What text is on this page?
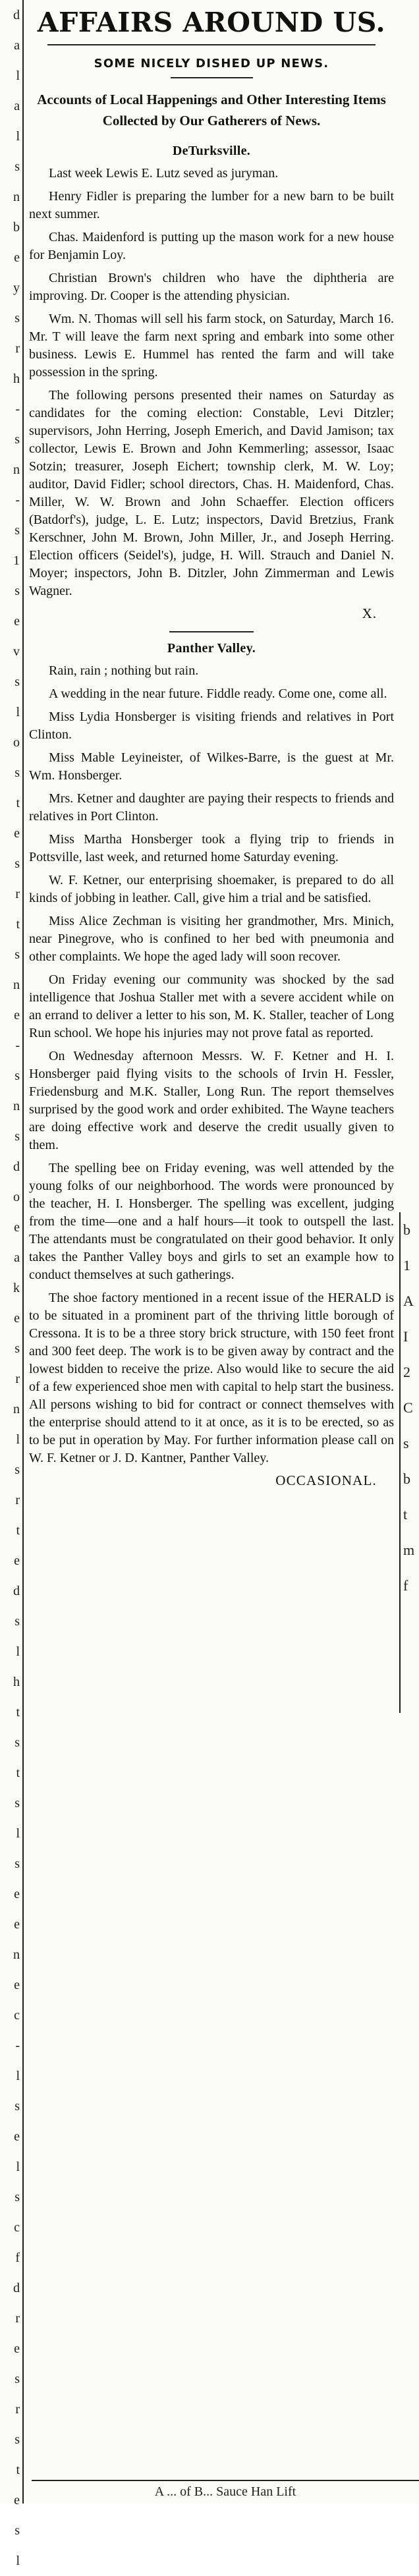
d
a
l
a
l
s
n
b
e
y
s
r
h
-
s
n
-
s
1
s
e
v
s
l
o
s
t
e
s
r
t
s
n
e
-
s
n
s
d
o
e
a
k
e
s
r
n
l
s
r
t
e
d
s
l
h
t
s
t
s
l
s
e
e
n
e
c
-
l
s
e
l
s
c
f
d
r
e
s
r
s
t
e
s
l
AFFAIRS AROUND US.
SOME NICELY DISHED UP NEWS.

Accounts of Local Happenings and Other Interesting Items Collected by Our Gatherers of News.

DeTurksville.

Last week Lewis E. Lutz seved as juryman.

Henry Fidler is preparing the lumber for a new barn to be built next summer.

Chas. Maidenford is putting up the mason work for a new house for Benjamin Loy.

Christian Brown's children who have the diphtheria are improving. Dr. Cooper is the attending physician.

Wm. N. Thomas will sell his farm stock, on Saturday, March 16. Mr. T will leave the farm next spring and embark into some other business. Lewis E. Hummel has rented the farm and will take possession in the spring.

The following persons presented their names on Saturday as candidates for the coming election: Constable, Levi Ditzler; supervisors, John Herring, Joseph Emerich, and David Jamison; tax collector, Lewis E. Brown and John Kemmerling; assessor, Isaac Sotzin; treasurer, Joseph Eichert; township clerk, M. W. Loy; auditor, David Fidler; school directors, Chas. H. Maidenford, Chas. Miller, W. W. Brown and John Schaeffer. Election officers (Batdorf's), judge, L. E. Lutz; inspectors, David Bretzius, Frank Kerschner, John M. Brown, John Miller, Jr., and Joseph Herring. Election officers (Seidel's), judge, H. Will. Strauch and Daniel N. Moyer; inspectors, John B. Ditzler, John Zimmerman and Lewis Wagner.

X.

Panther Valley.

Rain, rain ; nothing but rain.

A wedding in the near future. Fiddle ready. Come one, come all.

Miss Lydia Honsberger is visiting friends and relatives in Port Clinton.

Miss Mable Leyineister, of Wilkes-Barre, is the guest at Mr. Wm. Honsberger.

Mrs. Ketner and daughter are paying their respects to friends and relatives in Port Clinton.

Miss Martha Honsberger took a flying trip to friends in Pottsville, last week, and returned home Saturday evening.

W. F. Ketner, our enterprising shoemaker, is prepared to do all kinds of jobbing in leather. Call, give him a trial and be satisfied.

Miss Alice Zechman is visiting her grandmother, Mrs. Minich, near Pinegrove, who is confined to her bed with pneumonia and other complaints. We hope the aged lady will soon recover.

On Friday evening our community was shocked by the sad intelligence that Joshua Staller met with a severe accident while on an errand to deliver a letter to his son, M. K. Staller, teacher of Long Run school. We hope his injuries may not prove fatal as reported.

On Wednesday afternoon Messrs. W. F. Ketner and H. I. Honsberger paid flying visits to the schools of Irvin H. Fessler, Friedensburg and M.K. Staller, Long Run. The report themselves surprised by the good work and order exhibited. The Wayne teachers are doing effective work and deserve the credit usually given to them.

The spelling bee on Friday evening, was well attended by the young folks of our neighborhood. The words were pronounced by the teacher, H. I. Honsberger. The spelling was excellent, judging from the time—one and a half hours—it took to outspell the last. The attendants must be congratulated on their good behavior. It only takes the Panther Valley boys and girls to set an example how to conduct themselves at such gatherings.

The shoe factory mentioned in a recent issue of the HERALD is to be situated in a prominent part of the thriving little borough of Cressona. It is to be a three story brick structure, with 150 feet front and 300 feet deep. The work is to be given away by contract and the lowest bidden to receive the prize. Also would like to secure the aid of a few experienced shoe men with capital to help start the business. All persons wishing to bid for contract or connect themselves with the enterprise should attend to it at once, as it is to be erected, so as to be put in operation by May. For further information please call on W. F. Ketner or J. D. Kantner, Panther Valley.

OCCASIONAL.

b
1
A
I
2
C
s
b
t
m
f
A ... of B... Sauce Han Lift
